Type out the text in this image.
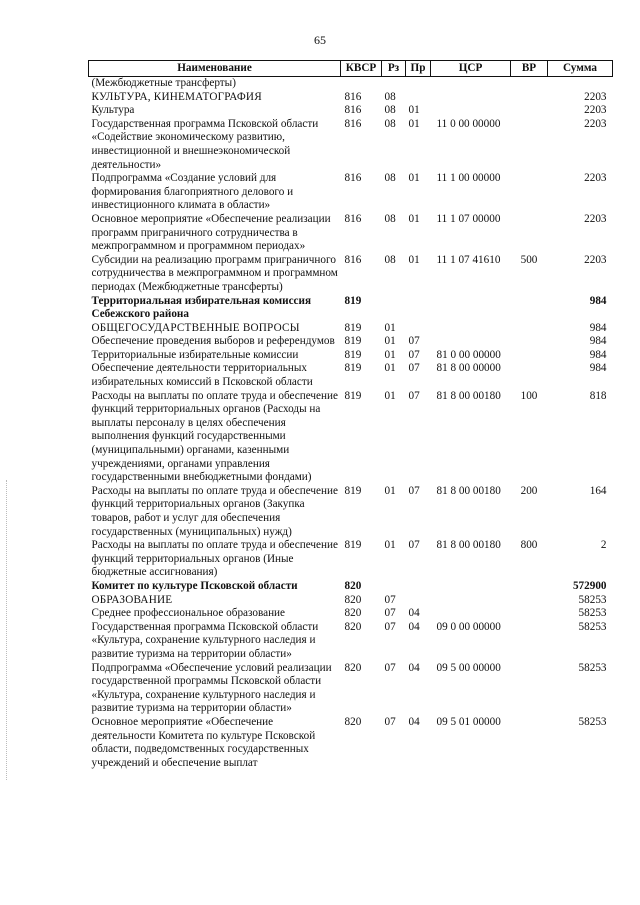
65
Наименование	КВСР	Рз	Пр	ЦСР	ВР	Сумма
(Межбюджетные трансферты)						
КУЛЬТУРА, КИНЕМАТОГРАФИЯ	816	08				2203
Культура	816	08	01			2203
Государственная программа Псковской области «Содействие экономическому развитию, инвестиционной и внешнеэкономической деятельности»	816	08	01	11 0 00 00000		2203
Подпрограмма «Создание условий для формирования благоприятного делового и инвестиционного климата в области»	816	08	01	11 1 00 00000		2203
Основное мероприятие «Обеспечение реализации программ приграничного сотрудничества в межпрограммном и программном периодах»	816	08	01	11 1 07 00000		2203
Субсидии на реализацию программ приграничного сотрудничества в межпрограммном и программном периодах (Межбюджетные трансферты)	816	08	01	11 1 07 41610	500	2203
Территориальная избирательная комиссия Себежского района	819					984
ОБЩЕГОСУДАРСТВЕННЫЕ ВОПРОСЫ	819	01				984
Обеспечение проведения выборов и референдумов	819	01	07			984
Территориальные избирательные комиссии	819	01	07	81 0 00 00000		984
Обеспечение деятельности территориальных избирательных комиссий в Псковской области	819	01	07	81 8 00 00000		984
Расходы на выплаты по оплате труда и обеспечение функций территориальных органов (Расходы на выплаты персоналу в целях обеспечения выполнения функций государственными (муниципальными) органами, казенными учреждениями, органами управления государственными внебюджетными фондами)	819	01	07	81 8 00 00180	100	818
Расходы на выплаты по оплате труда и обеспечение функций территориальных органов (Закупка товаров, работ и услуг для обеспечения государственных (муниципальных) нужд)	819	01	07	81 8 00 00180	200	164
Расходы на выплаты по оплате труда и обеспечение функций территориальных органов (Иные бюджетные ассигнования)	819	01	07	81 8 00 00180	800	2
Комитет по культуре Псковской области	820					572900
ОБРАЗОВАНИЕ	820	07				58253
Среднее профессиональное образование	820	07	04			58253
Государственная программа Псковской области «Культура, сохранение культурного наследия и развитие туризма на территории области»	820	07	04	09 0 00 00000		58253
Подпрограмма «Обеспечение условий реализации государственной программы Псковской области «Культура, сохранение культурного наследия и развитие туризма на территории области»	820	07	04	09 5 00 00000		58253
Основное мероприятие «Обеспечение деятельности Комитета по культуре Псковской области, подведомственных государственных учреждений и обеспечение выплат	820	07	04	09 5 01 00000		58253
